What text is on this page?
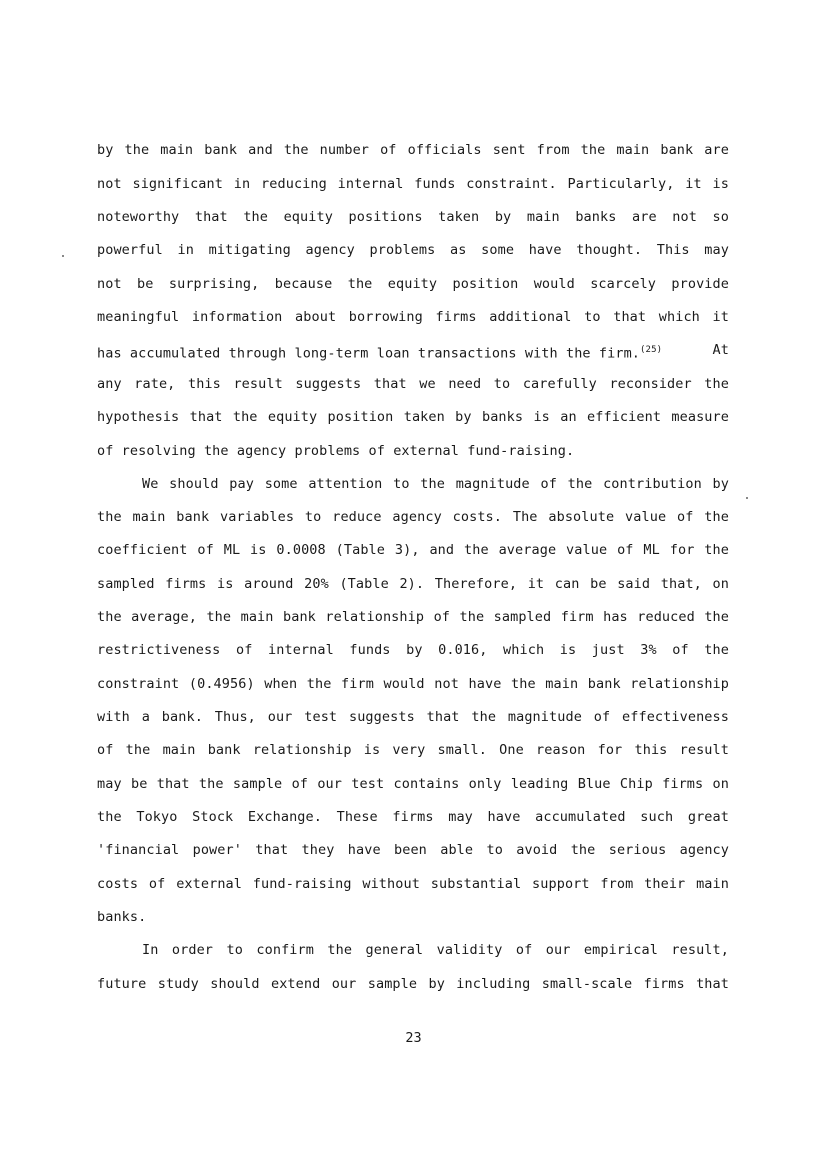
by the main bank and the number of officials sent from the main bank are
not significant in reducing internal funds constraint. Particularly, it is
noteworthy that the equity positions taken by main banks are not so
powerful in mitigating agency problems as some have thought. This may
not be surprising, because the equity position would scarcely provide
meaningful information about borrowing firms additional to that which it
has accumulated through long-term loan transactions with the firm.$^{(25)}$	At
any rate, this result suggests that we need to carefully reconsider the
hypothesis that the equity position taken by banks is an efficient measure
of resolving the agency problems of external fund-raising.
We should pay some attention to the magnitude of the contribution by
the main bank variables to reduce agency costs. The absolute value of the
coefficient of ML is 0.0008 (Table 3), and the average value of ML for the
sampled firms is around 20% (Table 2). Therefore, it can be said that, on
the average, the main bank relationship of the sampled firm has reduced the
restrictiveness of internal funds by 0.016, which is just 3% of the
constraint (0.4956) when the firm would not have the main bank relationship
with a bank. Thus, our test suggests that the magnitude of effectiveness
of the main bank relationship is very small. One reason for this result
may be that the sample of our test contains only leading Blue Chip firms on
the Tokyo Stock Exchange. These firms may have accumulated such great
'financial power' that they have been able to avoid the serious agency
costs of external fund-raising without substantial support from their main
banks.
In order to confirm the general validity of our empirical result,
future study should extend our sample by including small-scale firms that
23
